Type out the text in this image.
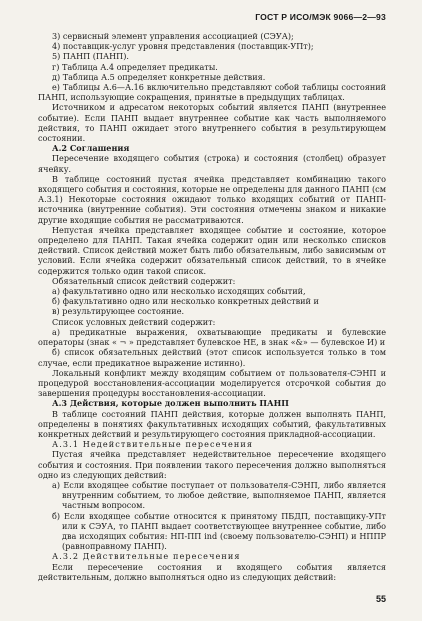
ГОСТ Р ИСО/МЭК 9066—2—93

3) сервисный элемент управления ассоциацией (СЭУА);

4) поставщик-услуг уровня представления (поставщик-УПт);

5) ПАНП (ПАНП).

г) Таблица А.4 определяет предикаты.

д) Таблица А.5 определяет конкретные действия.

е) Таблицы А.6—А.16 включительно представляют собой таблицы состояний ПАНП, использующие сокращения, принятые в предыдущих таблицах.

Источником и адресатом некоторых событий является ПАНП (внутреннее событие). Если ПАНП выдает внутреннее событие как часть выполняемого действия, то ПАНП ожидает этого внутреннего события в результирующем состоянии.

А.2 Соглашения

Пересечение входящего события (строка) и состояния (столбец) образует ячейку.

В таблице состояний пустая ячейка представляет комбинацию такого входящего события и состояния, которые не определены для данного ПАНП (см А.3.1) Некоторые состояния ожидают только входящих событий от ПАНП-источника (внутренние события). Эти состояния отмечены знаком и никакие другие входящие события не рассматриваются.

Непустая ячейка представляет входящее событие и состояние, которое определено для ПАНП. Такая ячейка содержит один или несколько списков действий. Список действий может быть либо обязательным, либо зависимым от условий. Если ячейка содержит обязательный список действий, то в ячейке содержится только один такой список.

Обязательный список действий содержит:

а) факультативно одно или несколько исходящих событий,

б) факультативно одно или несколько конкретных действий и

в) результирующее состояние.

Список условных действий содержит:

а) предикатные выражения, охватывающие предикаты и булевские операторы (знак « ¬ » представляет булевское НЕ, в знак «&» — булевское И) и

б) список обязательных действий (этот список используется только в том случае, если предикатное выражение истинно).

Локальный конфликт между входящим событием от пользователя-СЭНП и процедурой восстановления-ассоциации моделируется отсрочкой события до завершения процедуры восстановления-ассоциации.

А.3 Действия, которые должен выполнить ПАНП

В таблице состояний ПАНП действия, которые должен выполнять ПАНП, определены в понятиях факультативных исходящих событий, факультативных конкретных действий и результирующего состояния прикладной-ассоциации.

А.3.1 Недействительные пересечения

Пустая ячейка представляет недействительное пересечение входящего события и состояния. При появлении такого пересечения должно выполняться одно из следующих действий:

а) Если входящее событие поступает от пользователя-СЭНП, либо является внутренним событием, то любое действие, выполняемое ПАНП, является частным вопросом.

б) Если входящее событие относится к принятому ПБДП, поставщику-УПт или к СЭУА, то ПАНП выдает соответствующее внутреннее событие, либо два исходящих события: НП-ПП ind (своему пользователю-СЭНП) и НППР (равноправному ПАНП).

А.3.2 Действительные пересечения

Если пересечение состояния и входящего события является действительным, должно выполняться одно из следующих действий:

55
